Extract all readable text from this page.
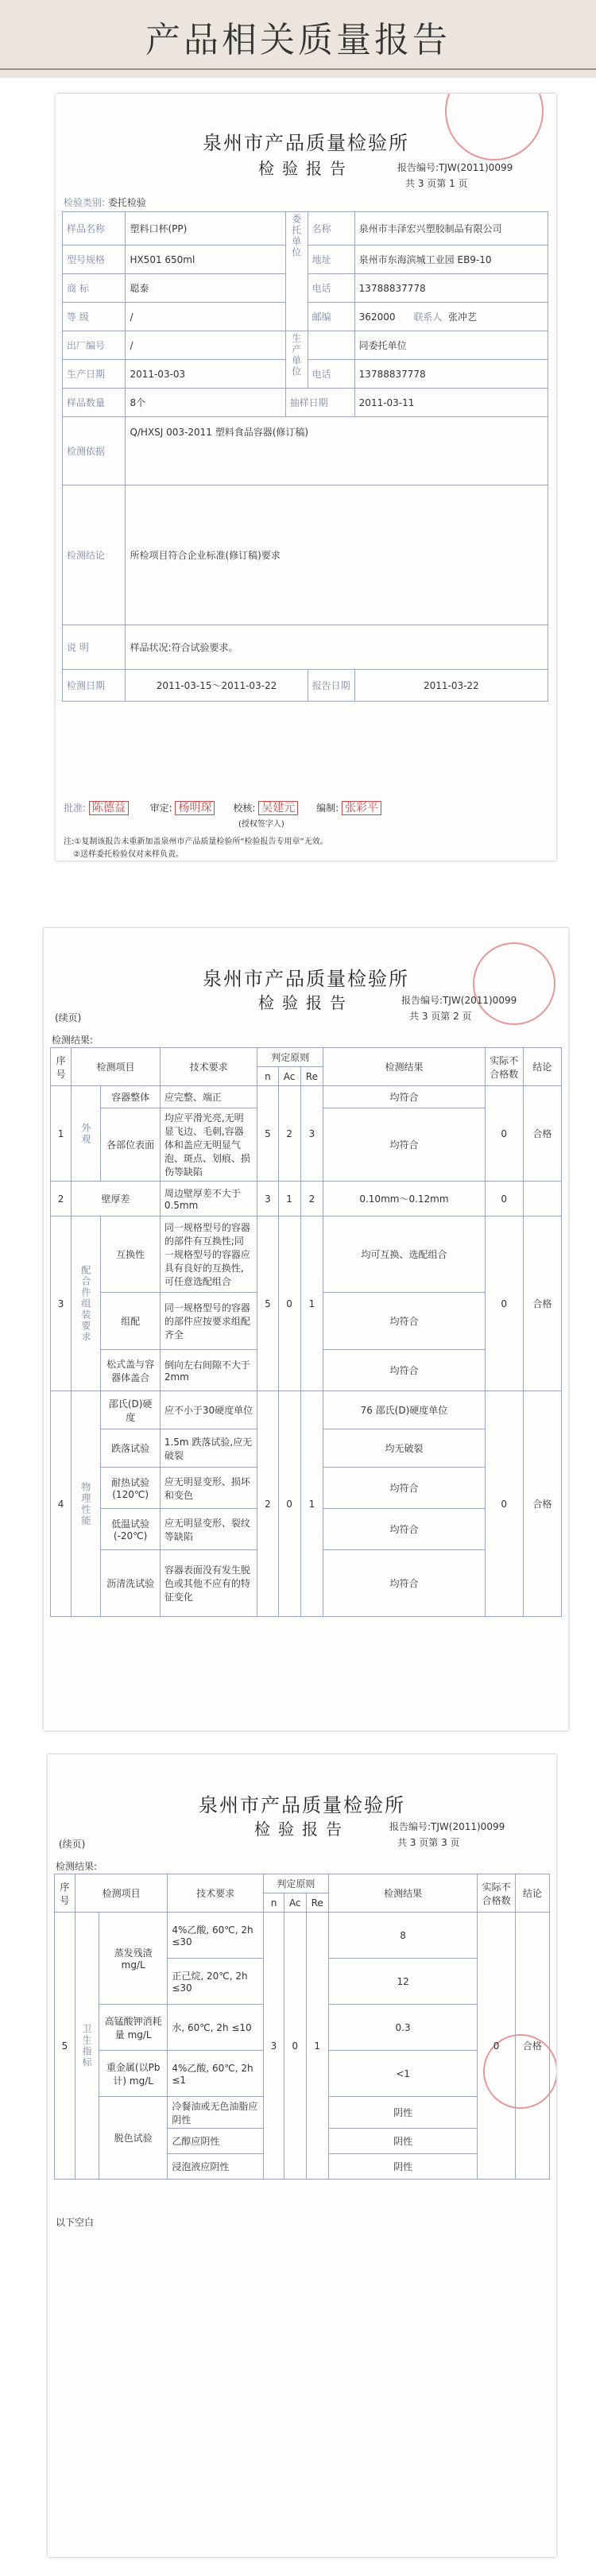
产品相关质量报告
泉州市产品质量检验所
检验报告	报告编号:TJW(2011)0099
共 3 页第 1 页
检验类别: 委托检验
样品名称	塑料口杯(PP)	委托单位	名称	泉州市丰泽宏兴塑胶制品有限公司
型号规格	HX501 650ml		地址	泉州市东海滨城工业园 EB9-10
商 标	聪泰		电话	13788837778
等 级	/		邮编	362000 联系人 张冲艺
出厂编号	/	生产单位		同委托单位
生产日期	2011-03-03		电话	13788837778
样品数量	8个	抽样日期		2011-03-11
检测依据	Q/HXSJ 003-2011 塑料食品容器(修订稿)			
检测结论	所检项目符合企业标准(修订稿)要求			
说 明	样品状况:符合试验要求。			
检测日期	2011-03-15～2011-03-22		报告日期	2011-03-22
批准: 陈德益	审定: 杨明琛 校核: 吴建元 编制: 张彩平
(授权签字人)
注:①复制该报告未重新加盖泉州市产品质量检验所“检验报告专用章”无效。
②送样委托检验仅对来样负责。
(续页)
泉州市产品质量检验所
检验报告	报告编号:TJW(2011)0099
共 3 页第 2 页
检测结果:
序号	检测项目		技术要求	判定原则			检测结果	实际不合格数	结论
				n	Ac	Re			
1	外观	容器整体	应完整、端正	5	2	3	均符合	0	合格
		各部位表面	均应平滑光亮,无明显飞边、毛刺,容器体和盖应无明显气泡、斑点、划痕、损伤等缺陷				均符合		
2	壁厚差		周边壁厚差不大于0.5mm	3	1	2	0.10mm～0.12mm	0	
3	配合件组装要求	互换性	同一规格型号的容器的部件有互换性;同一规格型号的容器应具有良好的互换性,可任意选配组合	5	0	1	均可互换、选配组合	0	合格
		组配	同一规格型号的容器的部件应按要求组配齐全				均符合		
		松式盖与容器体盖合	倒向左右间隙不大于2mm				均符合		
4	物理性能	邵氏(D)硬度	应不小于30硬度单位	2	0	1	76 邵氏(D)硬度单位	0	合格
		跌落试验	1.5m 跌落试验,应无破裂				均无破裂		
		耐热试验(120℃)	应无明显变形、损坏和变色				均符合		
		低温试验(-20℃)	应无明显变形、裂纹等缺陷				均符合		
		沥清洗试验	容器表面没有发生脱色或其他不应有的特征变化				均符合		
(续页)
泉州市产品质量检验所
检验报告	报告编号:TJW(2011)0099
共 3 页第 3 页
检测结果:
序号	检测项目		技术要求	判定原则			检测结果	实际不合格数	结论
				n	Ac	Re			
5	卫生指标	蒸发残渣 mg/L	4%乙酸, 60℃, 2h ≤30	3	0	1	8	0	合格
			正己烷, 20℃, 2h ≤30				12		
		高锰酸钾消耗量 mg/L	水, 60℃, 2h ≤10				0.3		
		重金属(以Pb计) mg/L	4%乙酸, 60℃, 2h ≤1				<1		
		脱色试验	冷餐油或无色油脂应阴性				阴性		
			乙醇应阴性				阴性		
			浸泡液应阴性				阴性		
以下空白
